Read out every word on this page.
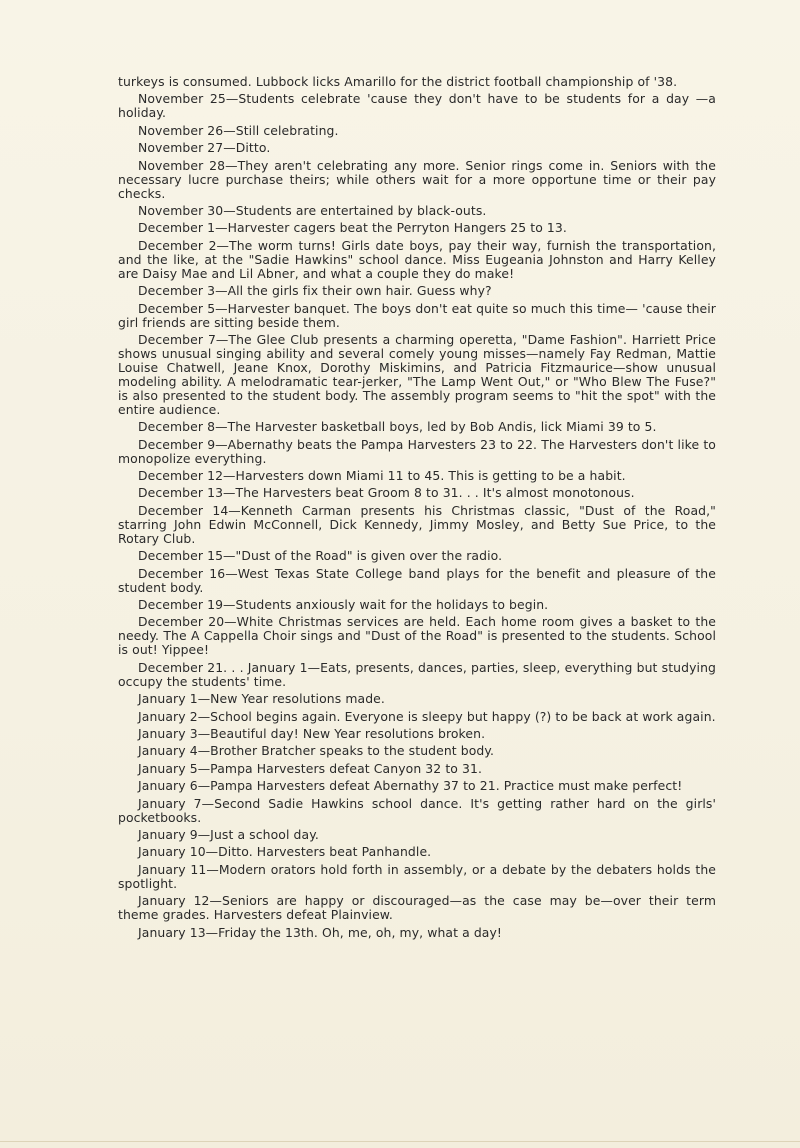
turkeys is consumed. Lubbock licks Amarillo for the district football championship of '38.

November 25—Students celebrate 'cause they don't have to be students for a day —a holiday.

November 26—Still celebrating.

November 27—Ditto.

November 28—They aren't celebrating any more. Senior rings come in. Seniors with the necessary lucre purchase theirs; while others wait for a more opportune time or their pay checks.

November 30—Students are entertained by black-outs.

December 1—Harvester cagers beat the Perryton Hangers 25 to 13.

December 2—The worm turns! Girls date boys, pay their way, furnish the transportation, and the like, at the "Sadie Hawkins" school dance. Miss Eugeania Johnston and Harry Kelley are Daisy Mae and Lil Abner, and what a couple they do make!

December 3—All the girls fix their own hair. Guess why?

December 5—Harvester banquet. The boys don't eat quite so much this time— 'cause their girl friends are sitting beside them.

December 7—The Glee Club presents a charming operetta, "Dame Fashion". Harriett Price shows unusual singing ability and several comely young misses—namely Fay Redman, Mattie Louise Chatwell, Jeane Knox, Dorothy Miskimins, and Patricia Fitzmaurice—show unusual modeling ability. A melodramatic tear-jerker, "The Lamp Went Out," or "Who Blew The Fuse?" is also presented to the student body. The assembly program seems to "hit the spot" with the entire audience.

December 8—The Harvester basketball boys, led by Bob Andis, lick Miami 39 to 5.

December 9—Abernathy beats the Pampa Harvesters 23 to 22. The Harvesters don't like to monopolize everything.

December 12—Harvesters down Miami 11 to 45. This is getting to be a habit.

December 13—The Harvesters beat Groom 8 to 31. . . It's almost monotonous.

December 14—Kenneth Carman presents his Christmas classic, "Dust of the Road," starring John Edwin McConnell, Dick Kennedy, Jimmy Mosley, and Betty Sue Price, to the Rotary Club.

December 15—"Dust of the Road" is given over the radio.

December 16—West Texas State College band plays for the benefit and pleasure of the student body.

December 19—Students anxiously wait for the holidays to begin.

December 20—White Christmas services are held. Each home room gives a basket to the needy. The A Cappella Choir sings and "Dust of the Road" is presented to the students. School is out! Yippee!

December 21. . . January 1—Eats, presents, dances, parties, sleep, everything but studying occupy the students' time.

January 1—New Year resolutions made.

January 2—School begins again. Everyone is sleepy but happy (?) to be back at work again.

January 3—Beautiful day! New Year resolutions broken.

January 4—Brother Bratcher speaks to the student body.

January 5—Pampa Harvesters defeat Canyon 32 to 31.

January 6—Pampa Harvesters defeat Abernathy 37 to 21. Practice must make perfect!

January 7—Second Sadie Hawkins school dance. It's getting rather hard on the girls' pocketbooks.

January 9—Just a school day.

January 10—Ditto. Harvesters beat Panhandle.

January 11—Modern orators hold forth in assembly, or a debate by the debaters holds the spotlight.

January 12—Seniors are happy or discouraged—as the case may be—over their term theme grades. Harvesters defeat Plainview.

January 13—Friday the 13th. Oh, me, oh, my, what a day!
